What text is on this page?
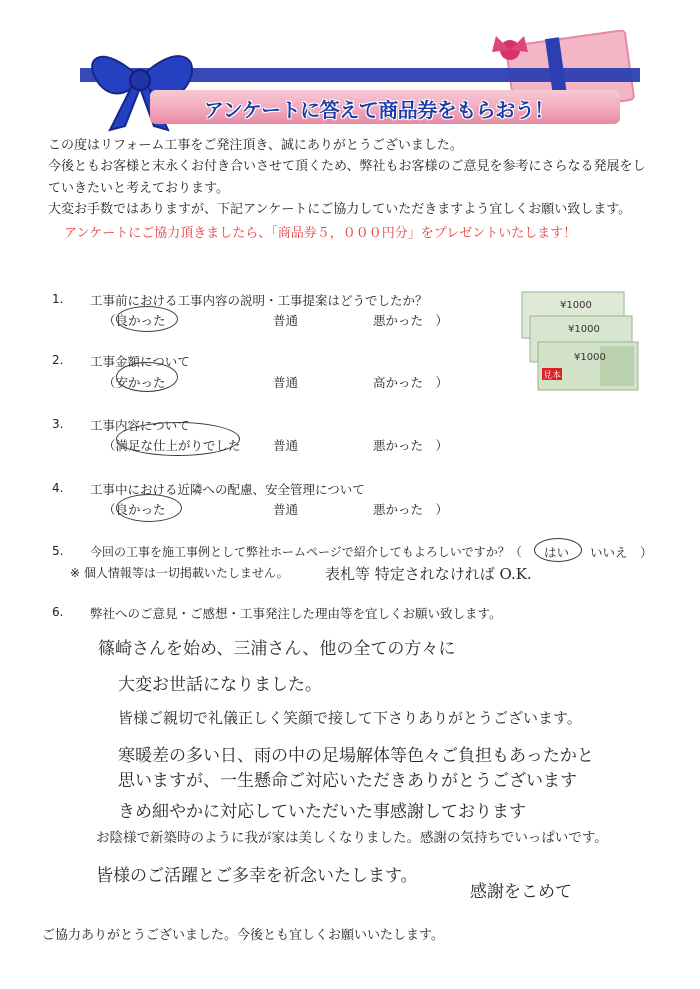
アンケートに答えて商品券をもらおう！
この度はリフォーム工事をご発注頂き、誠にありがとうございました。
今後ともお客様と末永くお付き合いさせて頂くため、弊社もお客様のご意見を参考にさらなる発展をし
ていきたいと考えております。
大変お手数ではありますが、下記アンケートにご協力していただきますよう宜しくお願い致します。
アンケートにご協力頂きましたら、「商品券５，０００円分」をプレゼントいたします！
¥1000
¥1000
¥1000
見本
1. 工事前における工事内容の説明・工事提案はどうでしたか？
（良かった	普通	悪かった　）
2. 工事金額について
（安かった	普通	高かった　）
3. 工事内容について
（満足な仕上がりでした	普通	悪かった　）
4. 工事中における近隣への配慮、安全管理について
（良かった	普通	悪かった　）
5. 今回の工事を施工事例として弊社ホームページで紹介してもよろしいですか？（ はい いいえ　）
※ 個人情報等は一切掲載いたしません。 表札等 特定されなければ O.K.
6. 弊社へのご意見・ご感想・工事発注した理由等を宜しくお願い致します。
篠崎さんを始め、三浦さん、他の全ての方々に
大変お世話になりました。
皆様ご親切で礼儀正しく笑顔で接して下さりありがとうございます。
寒暖差の多い日、雨の中の足場解体等色々ご負担もあったかと
思いますが、一生懸命ご対応いただきありがとうございます
きめ細やかに対応していただいた事感謝しております
お陰様で新築時のように我が家は美しくなりました。感謝の気持ちでいっぱいです。
皆様のご活躍とご多幸を祈念いたします。
感謝をこめて
ご協力ありがとうございました。今後とも宜しくお願いいたします。
